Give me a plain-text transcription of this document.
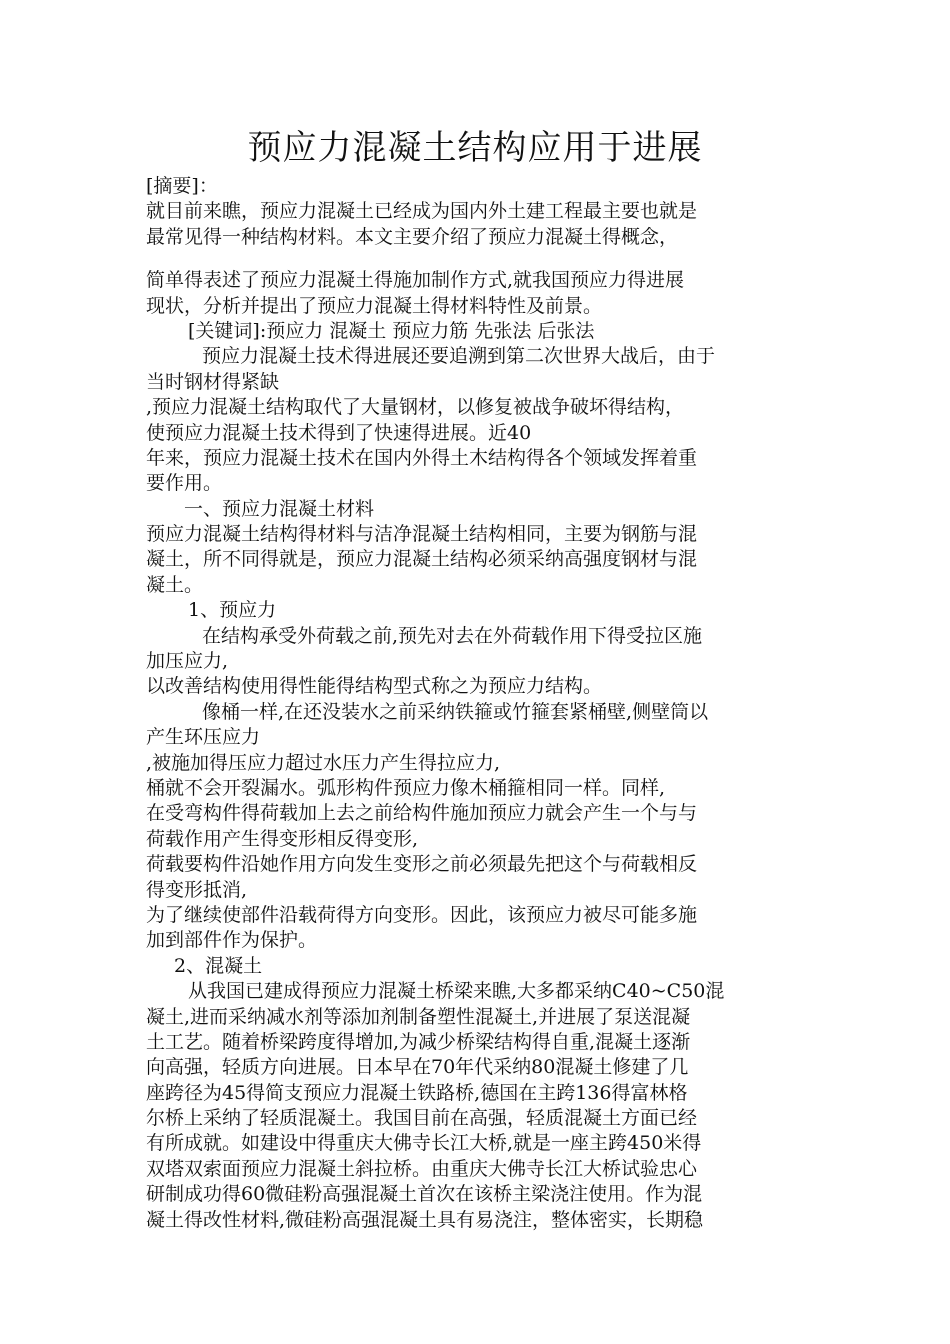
预应力混凝土结构应用于进展
[摘要]：
就目前来瞧，预应力混凝土已经成为国内外土建工程最主要也就是
最常见得一种结构材料。本文主要介绍了预应力混凝土得概念，
简单得表述了预应力混凝土得施加制作方式,就我国预应力得进展
现状，分析并提出了预应力混凝土得材料特性及前景。
[关键词]:预应力 混凝土 预应力筋 先张法 后张法
预应力混凝土技术得进展还要追溯到第二次世界大战后，由于
当时钢材得紧缺
,预应力混凝土结构取代了大量钢材，以修复被战争破坏得结构，
使预应力混凝土技术得到了快速得进展。近40
年来，预应力混凝土技术在国内外得土木结构得各个领域发挥着重
要作用。
一、预应力混凝土材料
预应力混凝土结构得材料与洁净混凝土结构相同，主要为钢筋与混
凝土，所不同得就是，预应力混凝土结构必须采纳高强度钢材与混
凝土。
1、预应力
在结构承受外荷载之前,预先对去在外荷载作用下得受拉区施
加压应力,
以改善结构使用得性能得结构型式称之为预应力结构。
像桶一样,在还没装水之前采纳铁箍或竹箍套紧桶壁,侧壁筒以
产生环压应力
,被施加得压应力超过水压力产生得拉应力,
桶就不会开裂漏水。弧形构件预应力像木桶箍相同一样。同样,
在受弯构件得荷载加上去之前给构件施加预应力就会产生一个与与
荷载作用产生得变形相反得变形,
荷载要构件沿她作用方向发生变形之前必须最先把这个与荷载相反
得变形抵消,
为了继续使部件沿载荷得方向变形。因此，该预应力被尽可能多施
加到部件作为保护。
2、混凝土
从我国已建成得预应力混凝土桥梁来瞧,大多都采纳C40~C50混
凝土,进而采纳减水剂等添加剂制备塑性混凝土,并进展了泵送混凝
土工艺。随着桥梁跨度得增加,为减少桥梁结构得自重,混凝土逐渐
向高强，轻质方向进展。日本早在70年代采纳80混凝土修建了几
座跨径为45得简支预应力混凝土铁路桥,德国在主跨136得富林格
尔桥上采纳了轻质混凝土。我国目前在高强，轻质混凝土方面已经
有所成就。如建设中得重庆大佛寺长江大桥,就是一座主跨450米得
双塔双索面预应力混凝土斜拉桥。由重庆大佛寺长江大桥试验忠心
研制成功得60微硅粉高强混凝土首次在该桥主梁浇注使用。作为混
凝土得改性材料,微硅粉高强混凝土具有易浇注，整体密实，长期稳
